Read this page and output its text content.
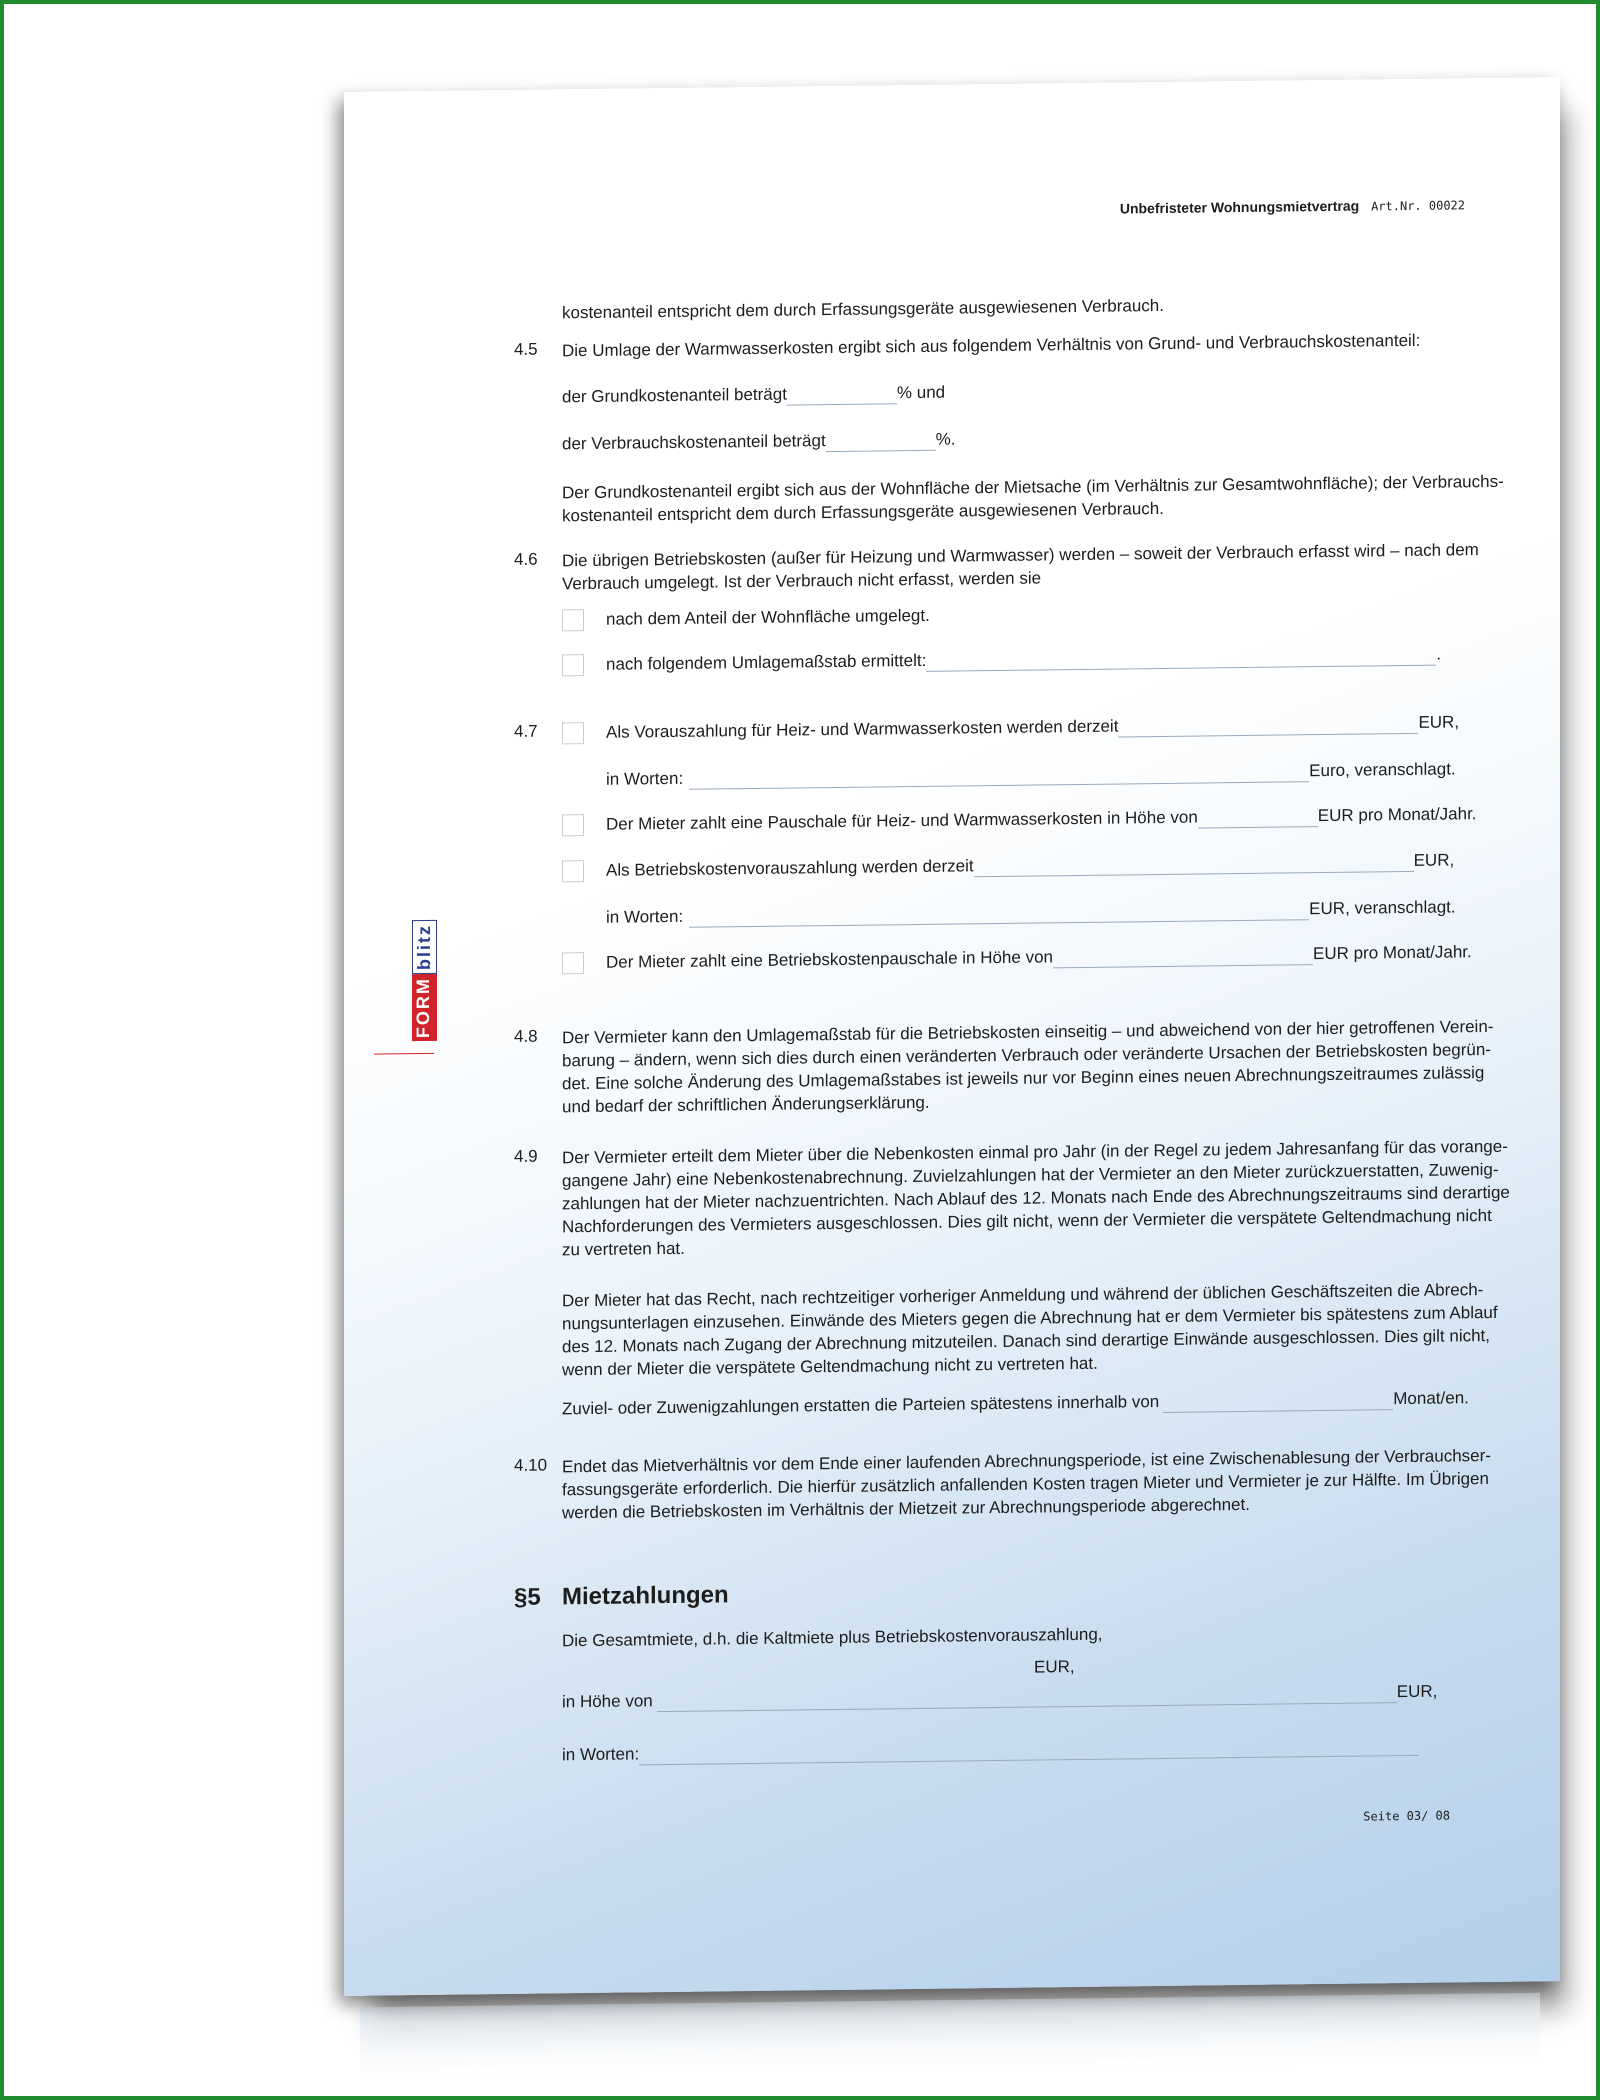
Unbefristeter Wohnungsmietvertrag Art.Nr. 00022
FORM
blitz
kostenanteil entspricht dem durch Erfassungsgeräte ausgewiesenen Verbrauch.
4.5 Die Umlage der Warmwasserkosten ergibt sich aus folgendem Verhältnis von Grund- und Verbrauchskostenanteil:
der Grundkostenanteil beträgt	% und
der Verbrauchskostenanteil beträgt	%.
Der Grundkostenanteil ergibt sich aus der Wohnfläche der Mietsache (im Verhältnis zur Gesamtwohnfläche); der Verbrauchs-
kostenanteil entspricht dem durch Erfassungsgeräte ausgewiesenen Verbrauch.
4.6 Die übrigen Betriebskosten (außer für Heizung und Warmwasser) werden – soweit der Verbrauch erfasst wird – nach dem
Verbrauch umgelegt. Ist der Verbrauch nicht erfasst, werden sie
nach dem Anteil der Wohnfläche umgelegt.
nach folgendem Umlagemaßstab ermittelt:	.
4.7	Als Vorauszahlung für Heiz- und Warmwasserkosten werden derzeit	EUR,
in Worten:	Euro, veranschlagt.
Der Mieter zahlt eine Pauschale für Heiz- und Warmwasserkosten in Höhe von	EUR pro Monat/Jahr.
Als Betriebskostenvorauszahlung werden derzeit	EUR,
in Worten:	EUR, veranschlagt.
Der Mieter zahlt eine Betriebskostenpauschale in Höhe von	EUR pro Monat/Jahr.
4.8 Der Vermieter kann den Umlagemaßstab für die Betriebskosten einseitig – und abweichend von der hier getroffenen Verein-
barung – ändern, wenn sich dies durch einen veränderten Verbrauch oder veränderte Ursachen der Betriebskosten begrün-
det. Eine solche Änderung des Umlagemaßstabes ist jeweils nur vor Beginn eines neuen Abrechnungszeitraumes zulässig
und bedarf der schriftlichen Änderungserklärung.
4.9 Der Vermieter erteilt dem Mieter über die Nebenkosten einmal pro Jahr (in der Regel zu jedem Jahresanfang für das vorange-
gangene Jahr) eine Nebenkostenabrechnung. Zuvielzahlungen hat der Vermieter an den Mieter zurückzuerstatten, Zuwenig-
zahlungen hat der Mieter nachzuentrichten. Nach Ablauf des 12. Monats nach Ende des Abrechnungszeitraums sind derartige
Nachforderungen des Vermieters ausgeschlossen. Dies gilt nicht, wenn der Vermieter die verspätete Geltendmachung nicht
zu vertreten hat.
Der Mieter hat das Recht, nach rechtzeitiger vorheriger Anmeldung und während der üblichen Geschäftszeiten die Abrech-
nungsunterlagen einzusehen. Einwände des Mieters gegen die Abrechnung hat er dem Vermieter bis spätestens zum Ablauf
des 12. Monats nach Zugang der Abrechnung mitzuteilen. Danach sind derartige Einwände ausgeschlossen. Dies gilt nicht,
wenn der Mieter die verspätete Geltendmachung nicht zu vertreten hat.
Zuviel- oder Zuwenigzahlungen erstatten die Parteien spätestens innerhalb von	Monat/en.
4.10 Endet das Mietverhältnis vor dem Ende einer laufenden Abrechnungsperiode, ist eine Zwischenablesung der Verbrauchser-
fassungsgeräte erforderlich. Die hierfür zusätzlich anfallenden Kosten tragen Mieter und Vermieter je zur Hälfte. Im Übrigen
werden die Betriebskosten im Verhältnis der Mietzeit zur Abrechnungsperiode abgerechnet.
§5 Mietzahlungen
Die Gesamtmiete, d.h. die Kaltmiete plus Betriebskostenvorauszahlung,
in Höhe von	EUR,
EUR,
in Worten:
Seite 03/ 08
